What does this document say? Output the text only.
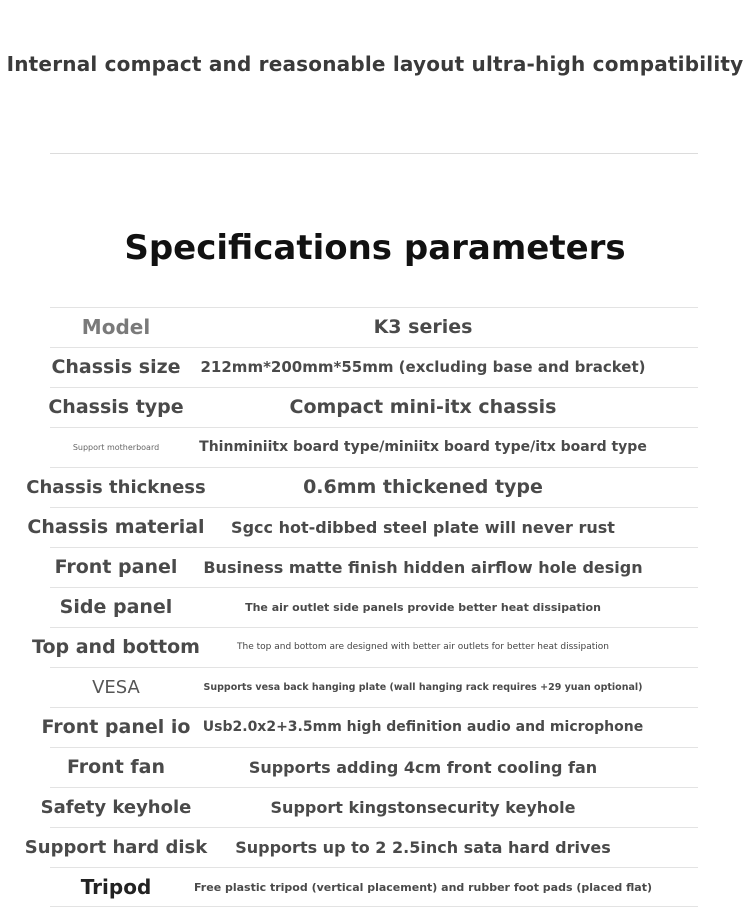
Internal compact and reasonable layout ultra-high compatibility
Specifications parameters
Model	K3 series
Chassis size	212mm*200mm*55mm (excluding base and bracket)
Chassis type	Compact mini-itx chassis
Support motherboard	Thinminiitx board type/miniitx board type/itx board type
Chassis thickness	0.6mm thickened type
Chassis material	Sgcc hot-dibbed steel plate will never rust
Front panel	Business matte finish hidden airflow hole design
Side panel	The air outlet side panels provide better heat dissipation
Top and bottom	The top and bottom are designed with better air outlets for better heat dissipation
VESA	Supports vesa back hanging plate (wall hanging rack requires +29 yuan optional)
Front panel io Usb2.0x2+3.5mm high definition audio and microphone
Front fan	Supports adding 4cm front cooling fan
Safety keyhole	Support kingstonsecurity keyhole
Support hard disk	Supports up to 2 2.5inch sata hard drives
Tripod	Free plastic tripod (vertical placement) and rubber foot pads (placed flat)
